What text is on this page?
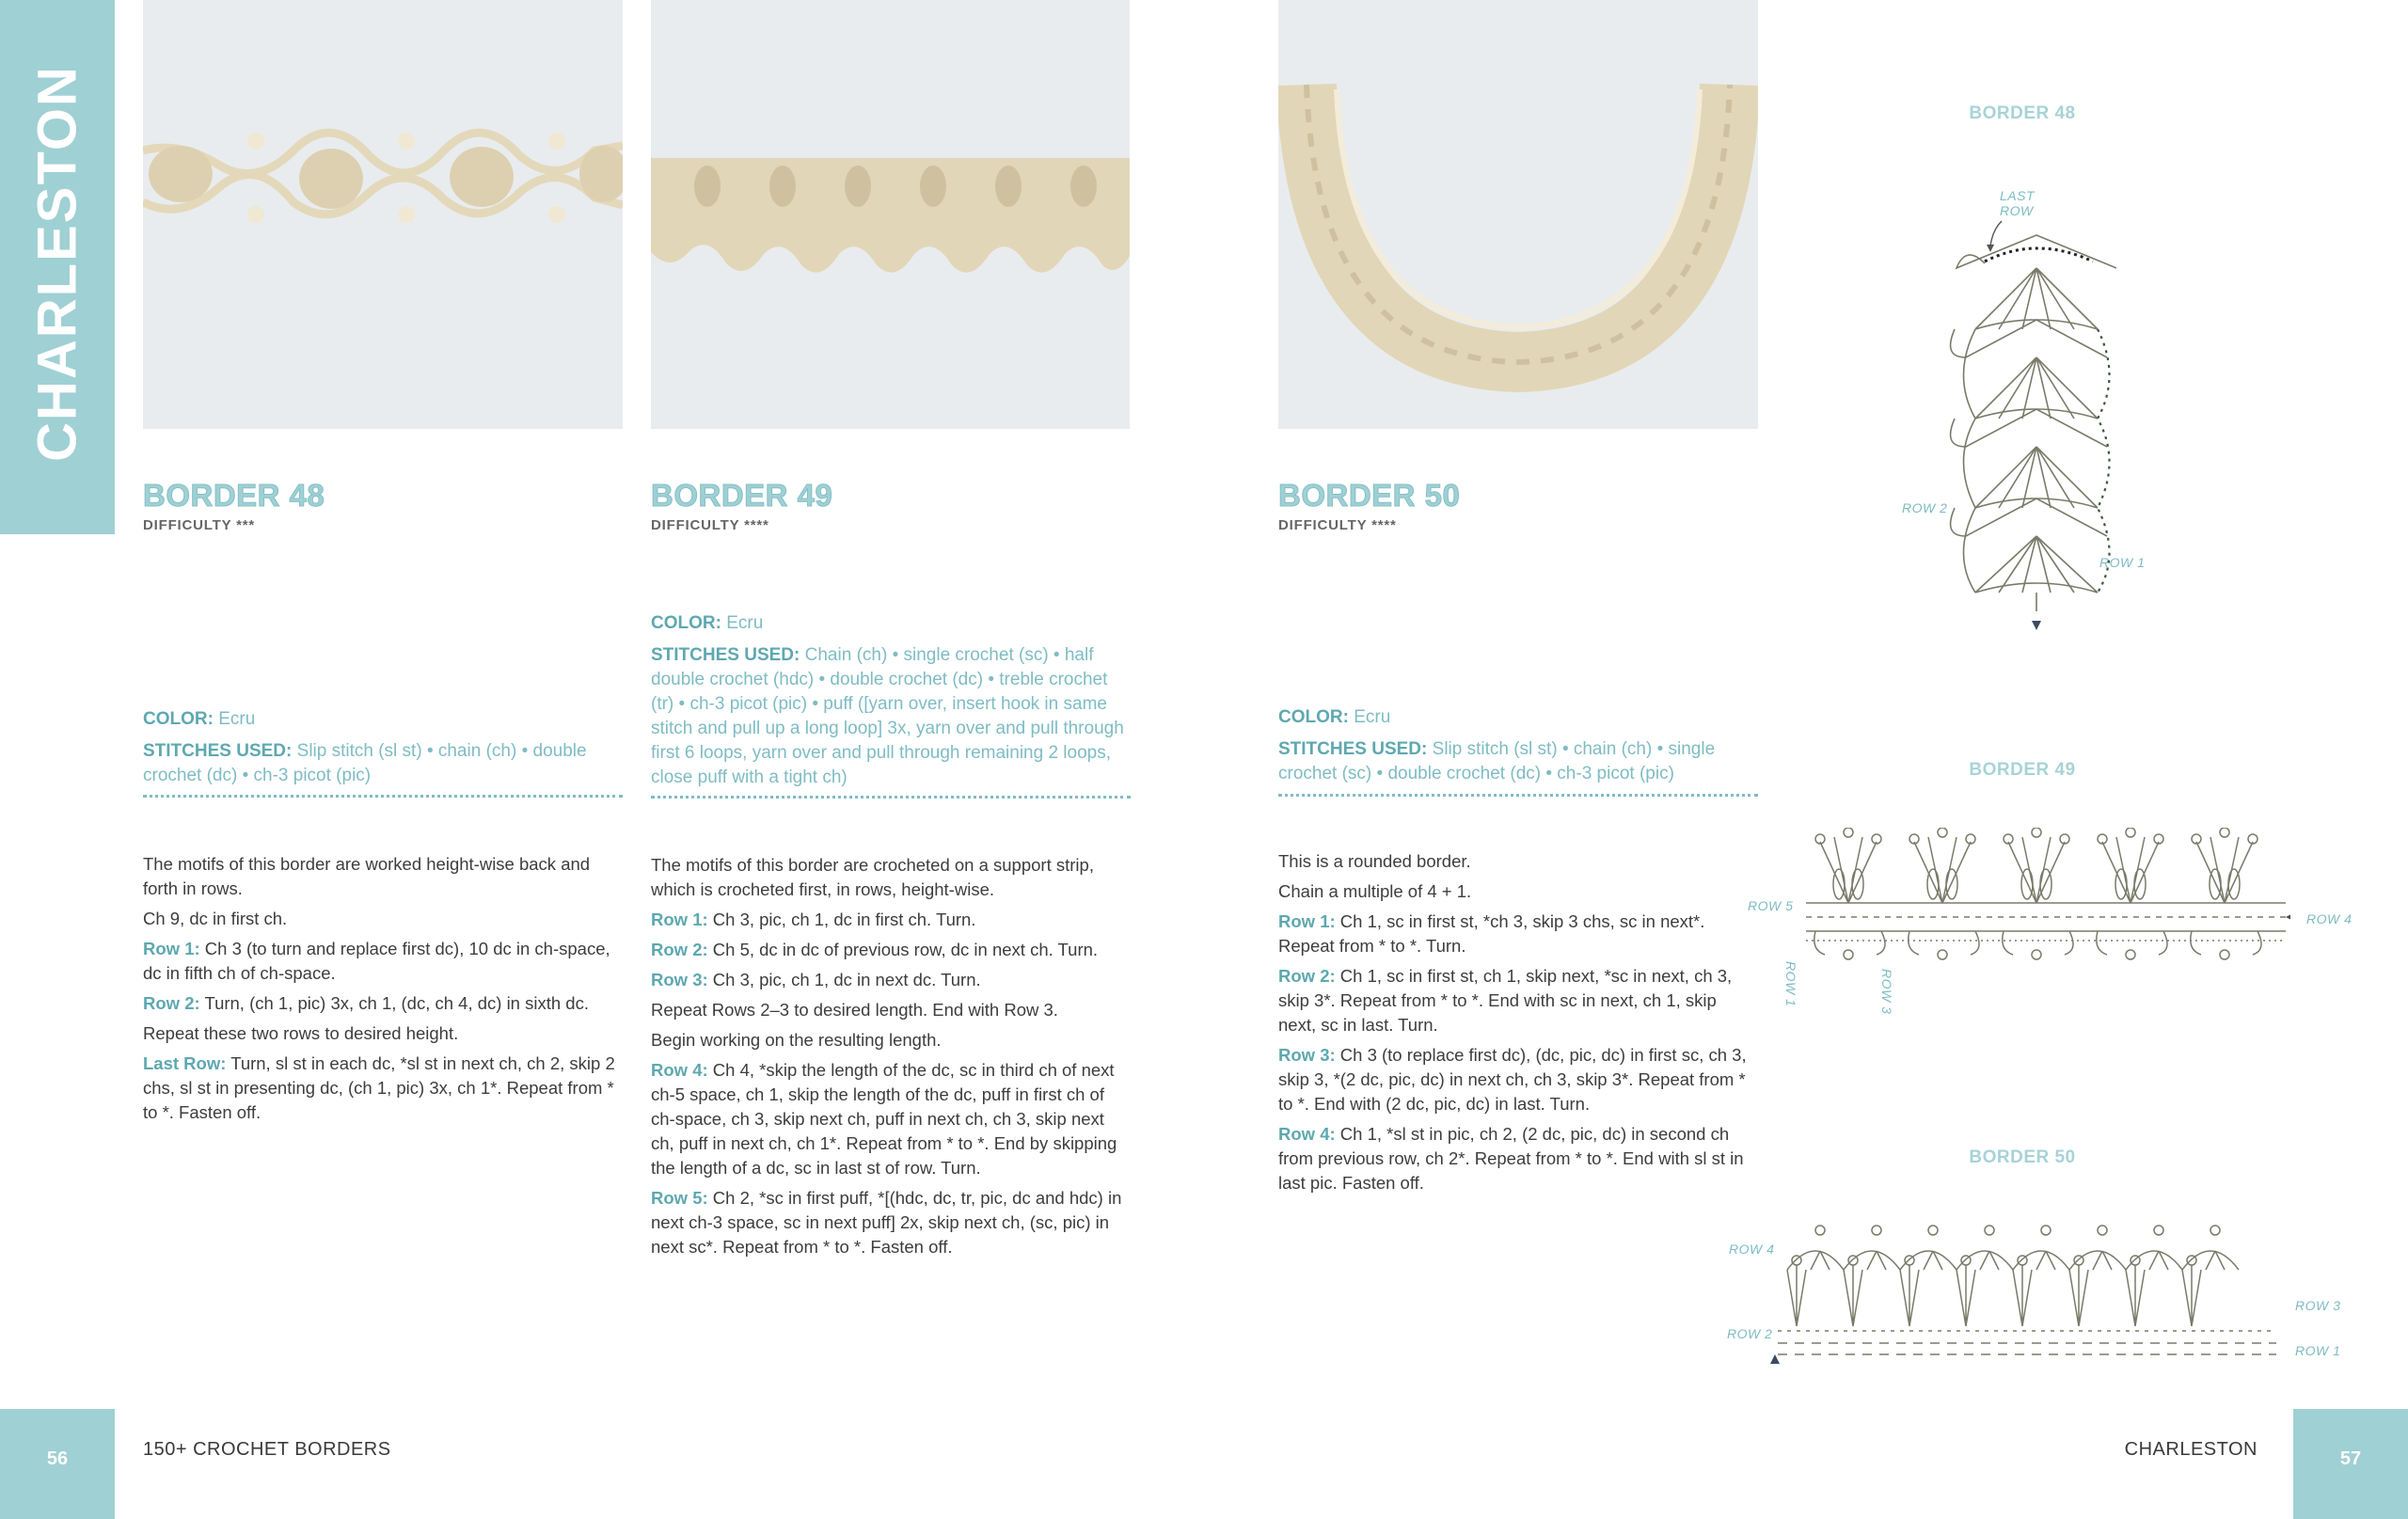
CHARLESTON
BORDER 48
DIFFICULTY ***
COLOR: Ecru
STITCHES USED: Slip stitch (sl st) • chain (ch) • double crochet (dc) • ch-3 picot (pic)

The motifs of this border are worked height-wise back and forth in rows.

Ch 9, dc in first ch.

Row 1: Ch 3 (to turn and replace first dc), 10 dc in ch-space, dc in fifth ch of ch-space.

Row 2: Turn, (ch 1, pic) 3x, ch 1, (dc, ch 4, dc) in sixth dc.

Repeat these two rows to desired height.

Last Row: Turn, sl st in each dc, *sl st in next ch, ch 2, skip 2 chs, sl st in presenting dc, (ch 1, pic) 3x, ch 1*. Repeat from * to *. Fasten off.

BORDER 49
DIFFICULTY ****
COLOR: Ecru
STITCHES USED: Chain (ch) • single crochet (sc) • half double crochet (hdc) • double crochet (dc) • treble crochet (tr) • ch-3 picot (pic) • puff ([yarn over, insert hook in same stitch and pull up a long loop] 3x, yarn over and pull through first 6 loops, yarn over and pull through remaining 2 loops, close puff with a tight ch)

The motifs of this border are crocheted on a support strip, which is crocheted first, in rows, height-wise.

Row 1: Ch 3, pic, ch 1, dc in first ch. Turn.

Row 2: Ch 5, dc in dc of previous row, dc in next ch. Turn.

Row 3: Ch 3, pic, ch 1, dc in next dc. Turn.

Repeat Rows 2–3 to desired length. End with Row 3.

Begin working on the resulting length.

Row 4: Ch 4, *skip the length of the dc, sc in third ch of next ch-5 space, ch 1, skip the length of the dc, puff in first ch of ch-space, ch 3, skip next ch, puff in next ch, ch 3, skip next ch, puff in next ch, ch 1*. Repeat from * to *. End by skipping the length of a dc, sc in last st of row. Turn.

Row 5: Ch 2, *sc in first puff, *[(hdc, dc, tr, pic, dc and hdc) in next ch-3 space, sc in next puff] 2x, skip next ch, (sc, pic) in next sc*. Repeat from * to *. Fasten off.

BORDER 50
DIFFICULTY ****
COLOR: Ecru
STITCHES USED: Slip stitch (sl st) • chain (ch) • single crochet (sc) • double crochet (dc) • ch-3 picot (pic)

This is a rounded border.

Chain a multiple of 4 + 1.

Row 1: Ch 1, sc in first st, *ch 3, skip 3 chs, sc in next*. Repeat from * to *. Turn.

Row 2: Ch 1, sc in first st, ch 1, skip next, *sc in next, ch 3, skip 3*. Repeat from * to *. End with sc in next, ch 1, skip next, sc in last. Turn.

Row 3: Ch 3 (to replace first dc), (dc, pic, dc) in first sc, ch 3, skip 3, *(2 dc, pic, dc) in next ch, ch 3, skip 3*. Repeat from * to *. End with (2 dc, pic, dc) in last. Turn.

Row 4: Ch 1, *sl st in pic, ch 2, (2 dc, pic, dc) in second ch from previous row, ch 2*. Repeat from * to *. End with sl st in last pic. Fasten off.

BORDER 48
LAST
ROW
ROW 2
ROW 1
BORDER 49
ROW 5
ROW 4
ROW 1	ROW 3
BORDER 50
ROW 4
ROW 2
ROW 3
ROW 1
56	150+ CROCHET BORDERS	CHARLESTON	57
